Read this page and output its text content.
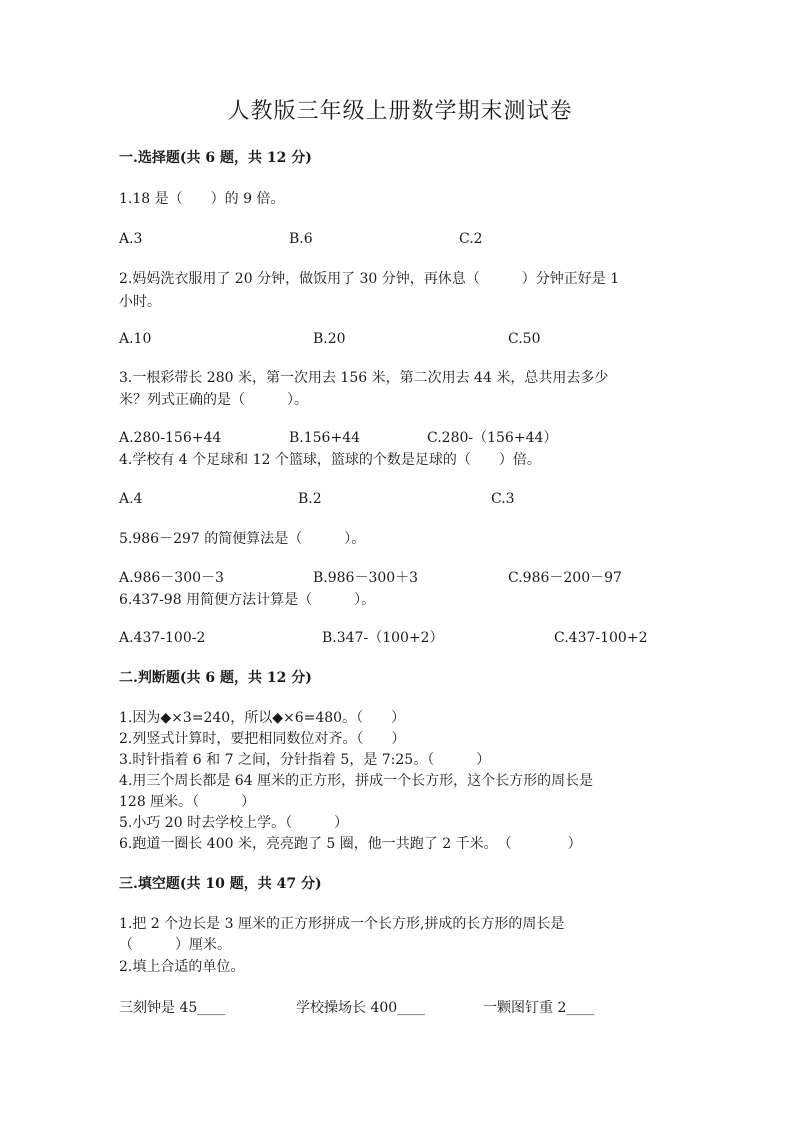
人教版三年级上册数学期末测试卷
一.选择题(共 6 题，共 12 分)
1.18 是（　　）的 9 倍。
A.3	B.6	C.2
2.妈妈洗衣服用了 20 分钟，做饭用了 30 分钟，再休息（　　　）分钟正好是 1
小时。
A.10	B.20	C.50
3.一根彩带长 280 米，第一次用去 156 米，第二次用去 44 米，总共用去多少
米？列式正确的是（　　　）。
A.280-156+44	B.156+44	C.280-（156+44）
4.学校有 4 个足球和 12 个篮球，篮球的个数是足球的（　　）倍。
A.4	B.2	C.3
5.986－297 的简便算法是（　　　）。
A.986－300－3	B.986－300＋3	C.986－200－97
6.437-98 用简便方法计算是（　　　）。
A.437-100-2	B.347-（100+2）	C.437-100+2
二.判断题(共 6 题，共 12 分)
1.因为◆×3=240，所以◆×6=480。（　　）
2.列竖式计算时，要把相同数位对齐。（　　）
3.时针指着 6 和 7 之间，分针指着 5，是 7:25。（　　　）
4.用三个周长都是 64 厘米的正方形，拼成一个长方形，这个长方形的周长是
128 厘米。（　　　）
5.小巧 20 时去学校上学。（　　　）
6.跑道一圈长 400 米，亮亮跑了 5 圈，他一共跑了 2 千米。　（　　　　）
三.填空题(共 10 题，共 47 分)
1.把 2 个边长是 3 厘米的正方形拼成一个长方形,拼成的长方形的周长是
（　　　）厘米。
2.填上合适的单位。
三刻钟是 45____	学校操场长 400____	一颗图钉重 2____
